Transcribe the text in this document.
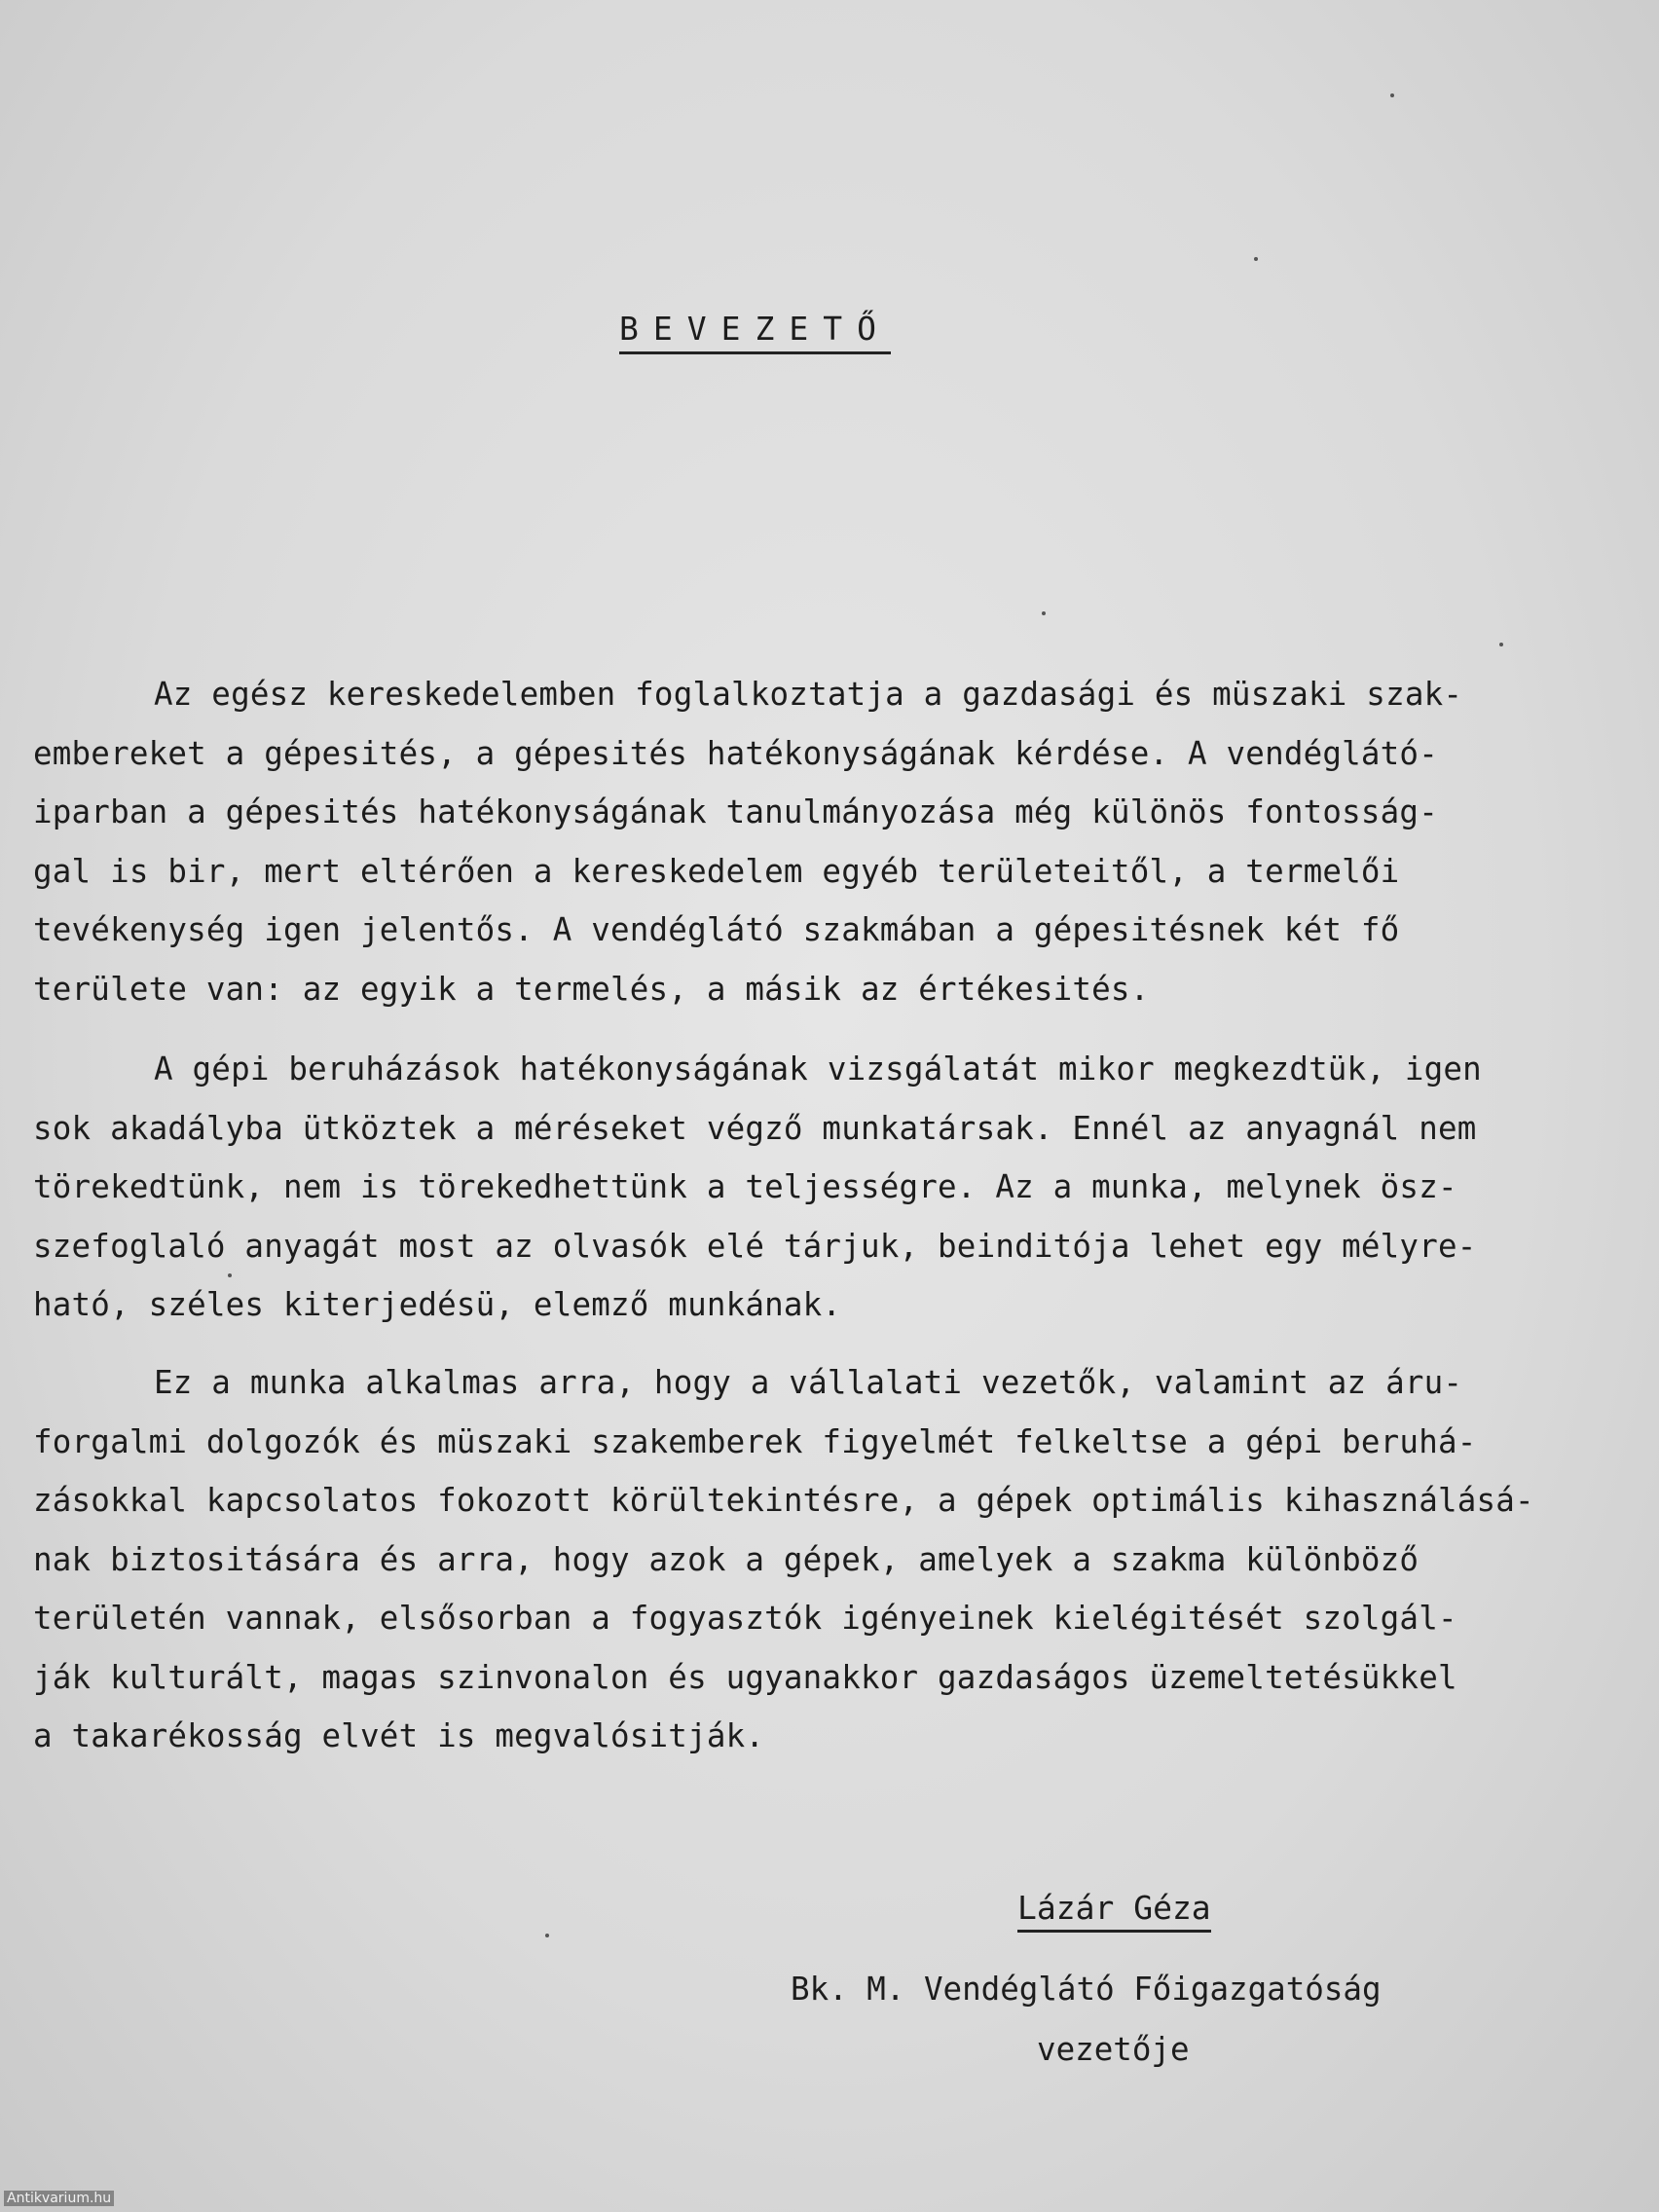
BEVEZETŐ
Az egész kereskedelemben foglalkoztatja a gazdasági és müszaki szak-
embereket a gépesités, a gépesités hatékonyságának kérdése. A vendéglátó-
iparban a gépesités hatékonyságának tanulmányozása még különös fontosság-
gal is bir, mert eltérően a kereskedelem egyéb területeitől, a termelői
tevékenység igen jelentős. A vendéglátó szakmában a gépesitésnek két fő
területe van: az egyik a termelés, a másik az értékesités.
A gépi beruházások hatékonyságának vizsgálatát mikor megkezdtük, igen
sok akadályba ütköztek a méréseket végző munkatársak. Ennél az anyagnál nem
törekedtünk, nem is törekedhettünk a teljességre. Az a munka, melynek ösz-
szefoglaló anyagát most az olvasók elé tárjuk, beinditója lehet egy mélyre-
ható, széles kiterjedésü, elemző munkának.
Ez a munka alkalmas arra, hogy a vállalati vezetők, valamint az áru-
forgalmi dolgozók és müszaki szakemberek figyelmét felkeltse a gépi beruhá-
zásokkal kapcsolatos fokozott körültekintésre, a gépek optimális kihasználásá-
nak biztositására és arra, hogy azok a gépek, amelyek a szakma különböző
területén vannak, elsősorban a fogyasztók igényeinek kielégitését szolgál-
ják kulturált, magas szinvonalon és ugyanakkor gazdaságos üzemeltetésükkel
a takarékosság elvét is megvalósitják.
Lázár Géza
Bk. M. Vendéglátó Főigazgatóság
vezetője
Antikvarium.hu
